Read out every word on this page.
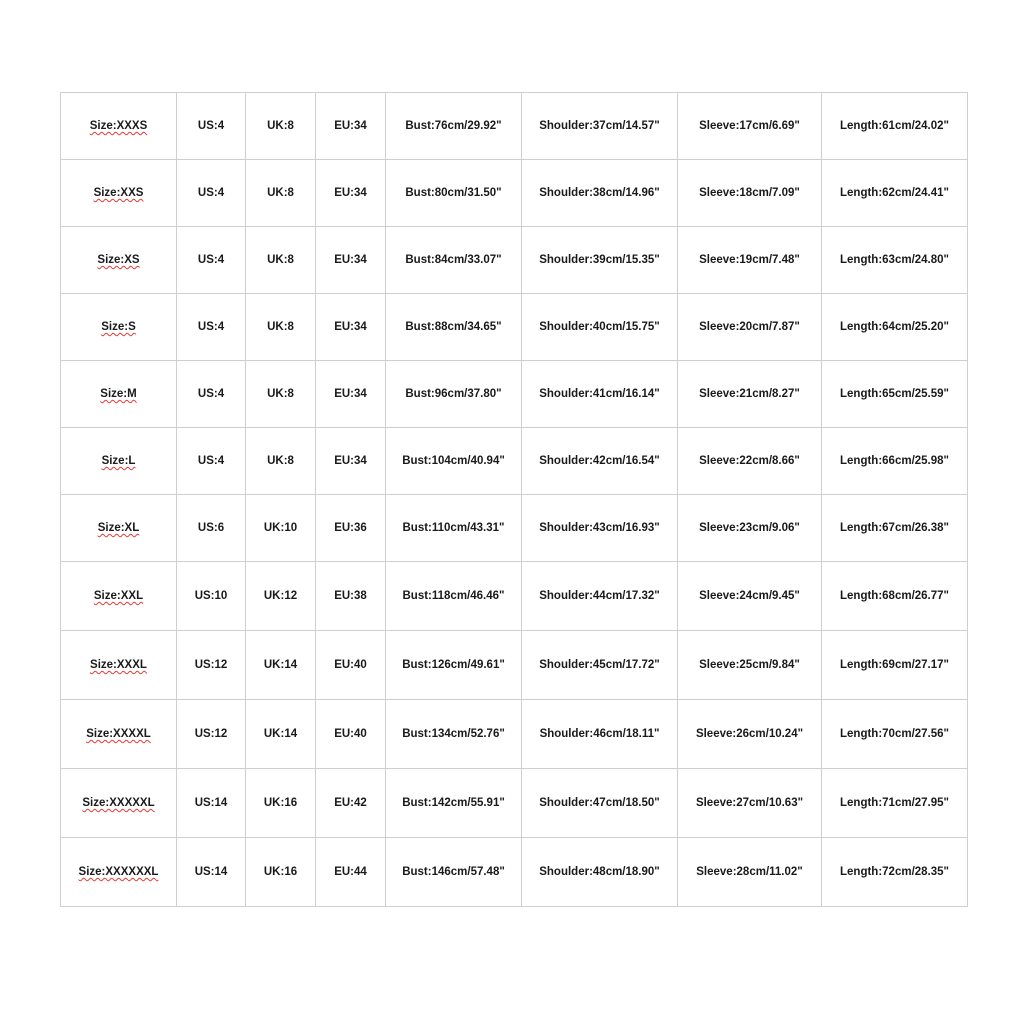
Size:XXXS	US:4	UK:8	EU:34	Bust:76cm/29.92"	Shoulder:37cm/14.57"	Sleeve:17cm/6.69"	Length:61cm/24.02"
Size:XXS	US:4	UK:8	EU:34	Bust:80cm/31.50"	Shoulder:38cm/14.96"	Sleeve:18cm/7.09"	Length:62cm/24.41"
Size:XS	US:4	UK:8	EU:34	Bust:84cm/33.07"	Shoulder:39cm/15.35"	Sleeve:19cm/7.48"	Length:63cm/24.80"
Size:S	US:4	UK:8	EU:34	Bust:88cm/34.65"	Shoulder:40cm/15.75"	Sleeve:20cm/7.87"	Length:64cm/25.20"
Size:M	US:4	UK:8	EU:34	Bust:96cm/37.80"	Shoulder:41cm/16.14"	Sleeve:21cm/8.27"	Length:65cm/25.59"
Size:L	US:4	UK:8	EU:34	Bust:104cm/40.94"	Shoulder:42cm/16.54"	Sleeve:22cm/8.66"	Length:66cm/25.98"
Size:XL	US:6	UK:10	EU:36	Bust:110cm/43.31"	Shoulder:43cm/16.93"	Sleeve:23cm/9.06"	Length:67cm/26.38"
Size:XXL	US:10	UK:12	EU:38	Bust:118cm/46.46"	Shoulder:44cm/17.32"	Sleeve:24cm/9.45"	Length:68cm/26.77"
Size:XXXL	US:12	UK:14	EU:40	Bust:126cm/49.61"	Shoulder:45cm/17.72"	Sleeve:25cm/9.84"	Length:69cm/27.17"
Size:XXXXL	US:12	UK:14	EU:40	Bust:134cm/52.76"	Shoulder:46cm/18.11"	Sleeve:26cm/10.24"	Length:70cm/27.56"
Size:XXXXXL	US:14	UK:16	EU:42	Bust:142cm/55.91"	Shoulder:47cm/18.50"	Sleeve:27cm/10.63"	Length:71cm/27.95"
Size:XXXXXXL	US:14	UK:16	EU:44	Bust:146cm/57.48"	Shoulder:48cm/18.90"	Sleeve:28cm/11.02"	Length:72cm/28.35"
